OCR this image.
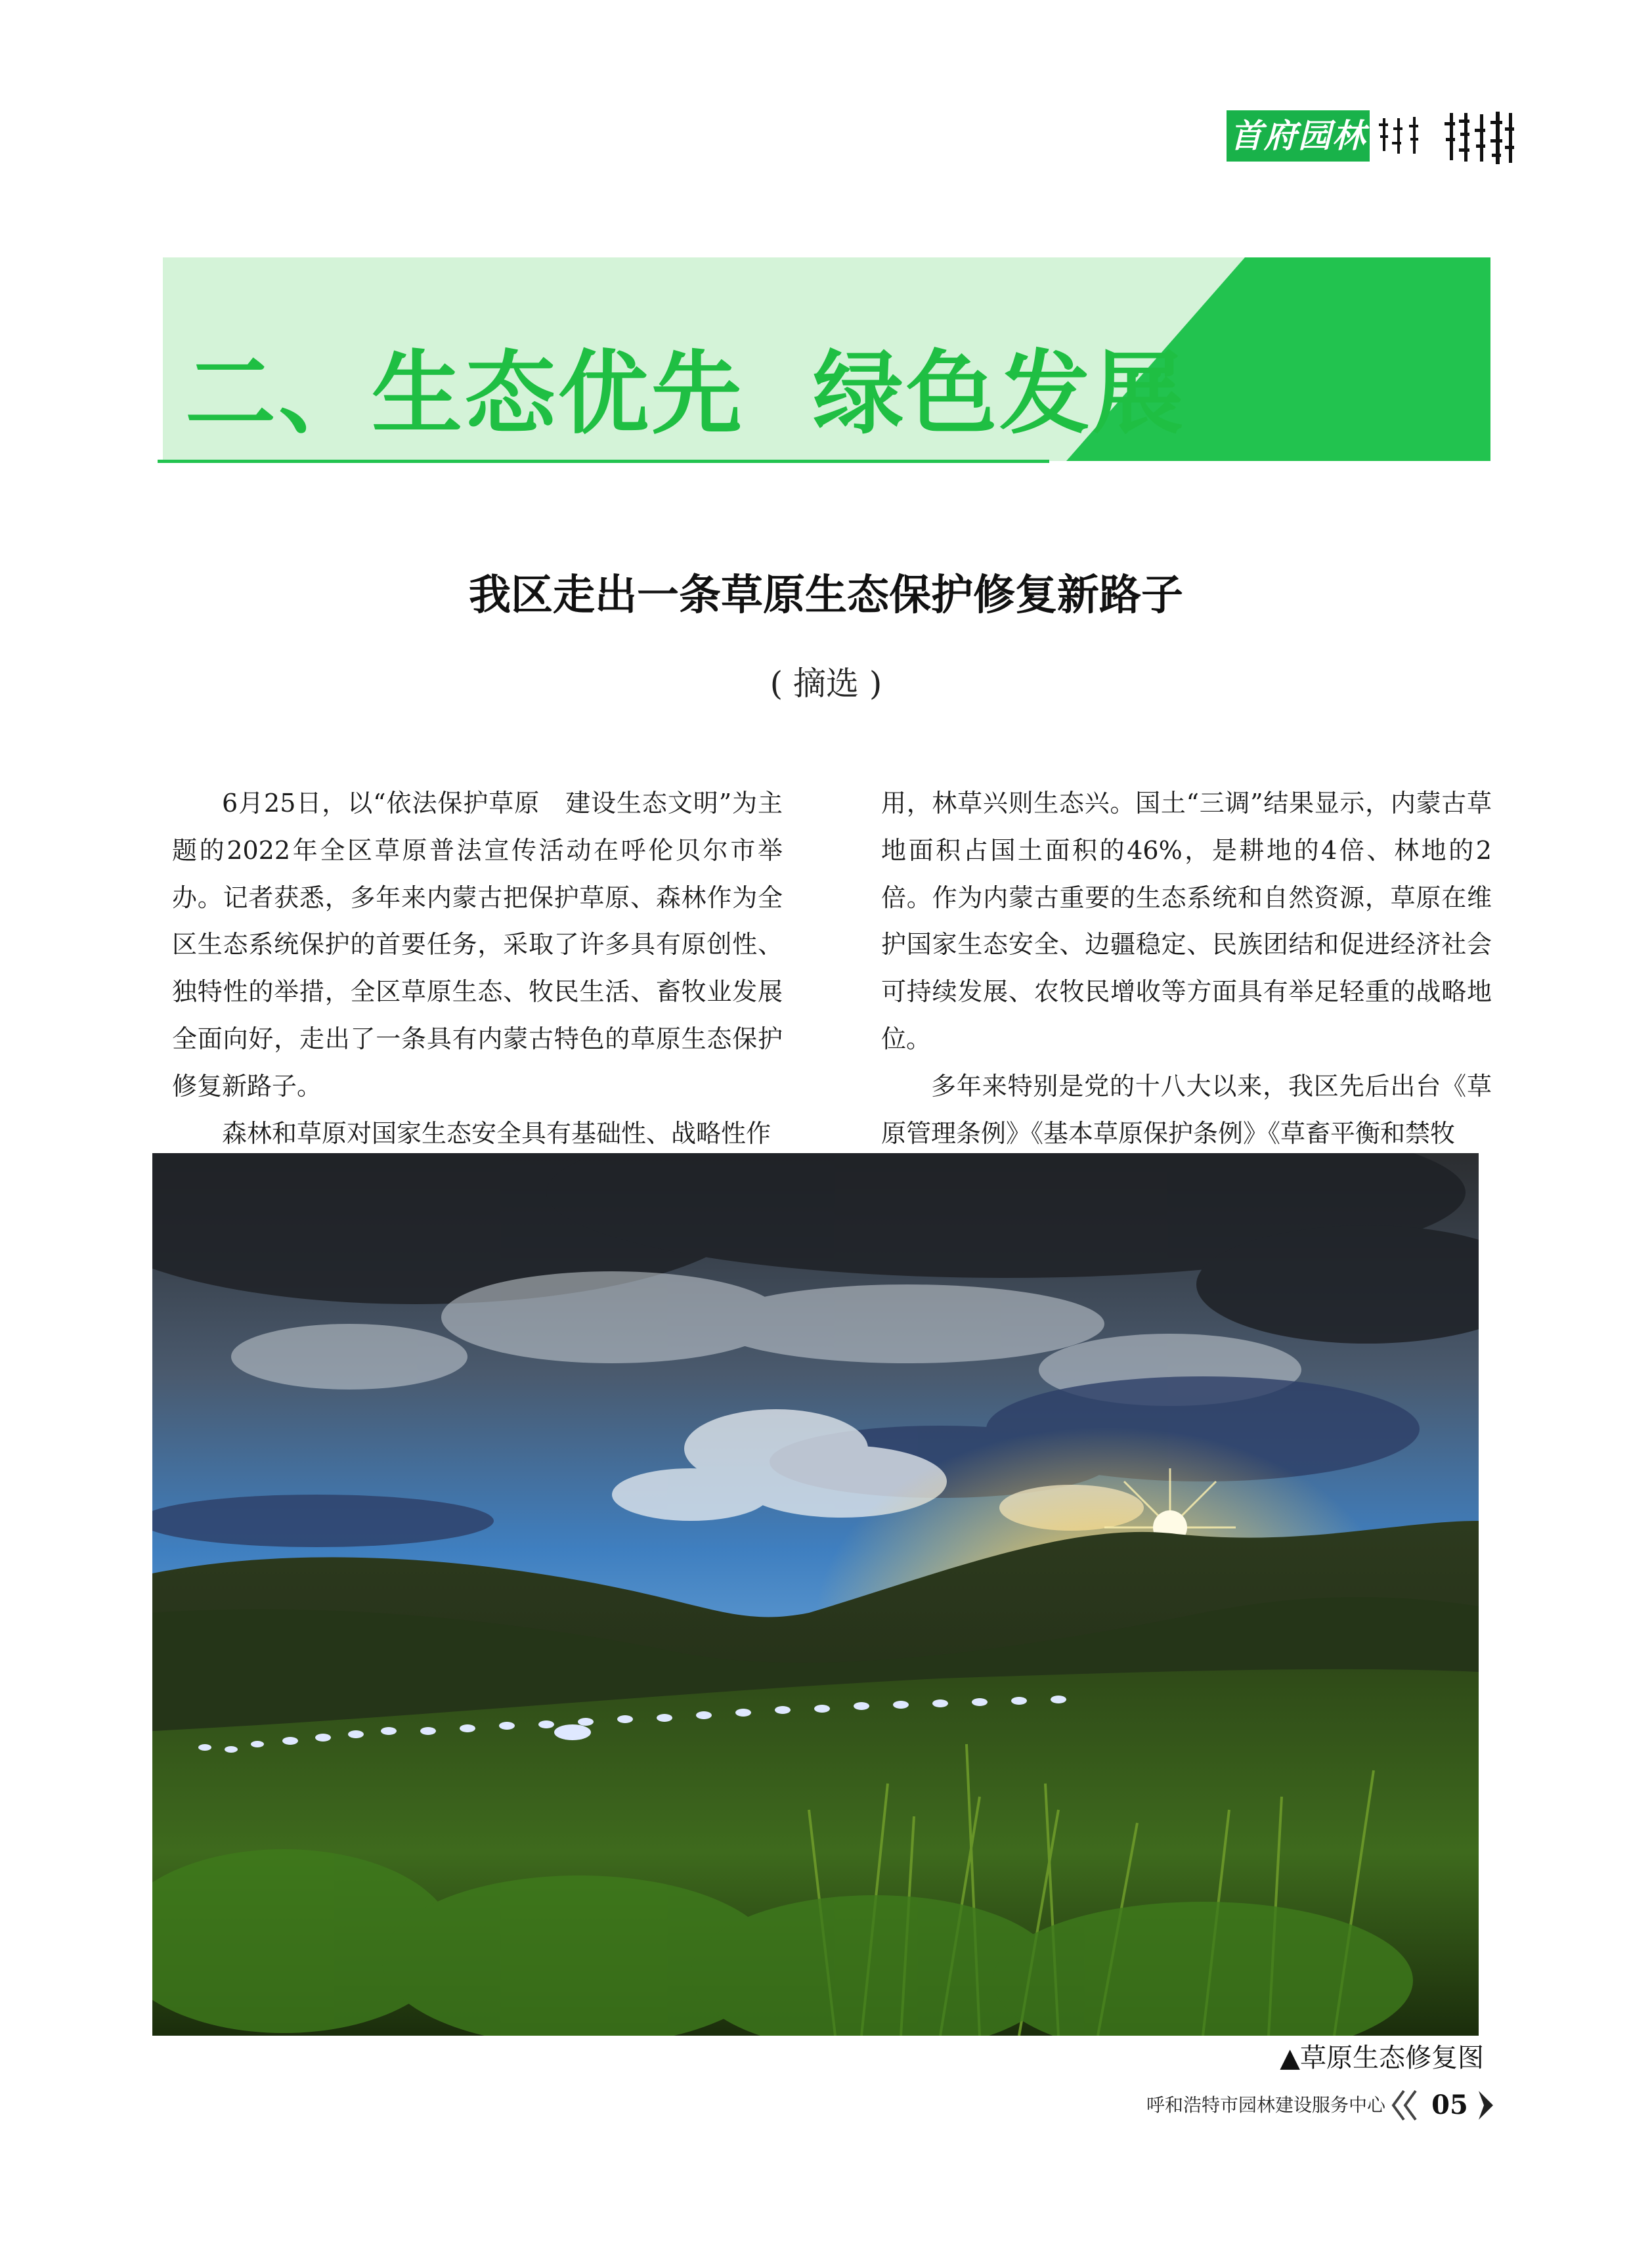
首府园林
二、生态优先  绿色发展
我区走出一条草原生态保护修复新路子
( 摘选 )

6月25日，以“依法保护草原　建设生态文明”为主题的2022年全区草原普法宣传活动在呼伦贝尔市举办。记者获悉，多年来内蒙古把保护草原、森林作为全区生态系统保护的首要任务，采取了许多具有原创性、独特性的举措，全区草原生态、牧民生活、畜牧业发展全面向好，走出了一条具有内蒙古特色的草原生态保护修复新路子。

森林和草原对国家生态安全具有基础性、战略性作

用，林草兴则生态兴。国土“三调”结果显示，内蒙古草地面积占国土面积的46%，是耕地的4倍、林地的2倍。作为内蒙古重要的生态系统和自然资源，草原在维护国家生态安全、边疆稳定、民族团结和促进经济社会可持续发展、农牧民增收等方面具有举足轻重的战略地位。

多年来特别是党的十八大以来，我区先后出台《草原管理条例》《基本草原保护条例》《草畜平衡和禁牧

▲草原生态修复图
呼和浩特市园林建设服务中心	05
